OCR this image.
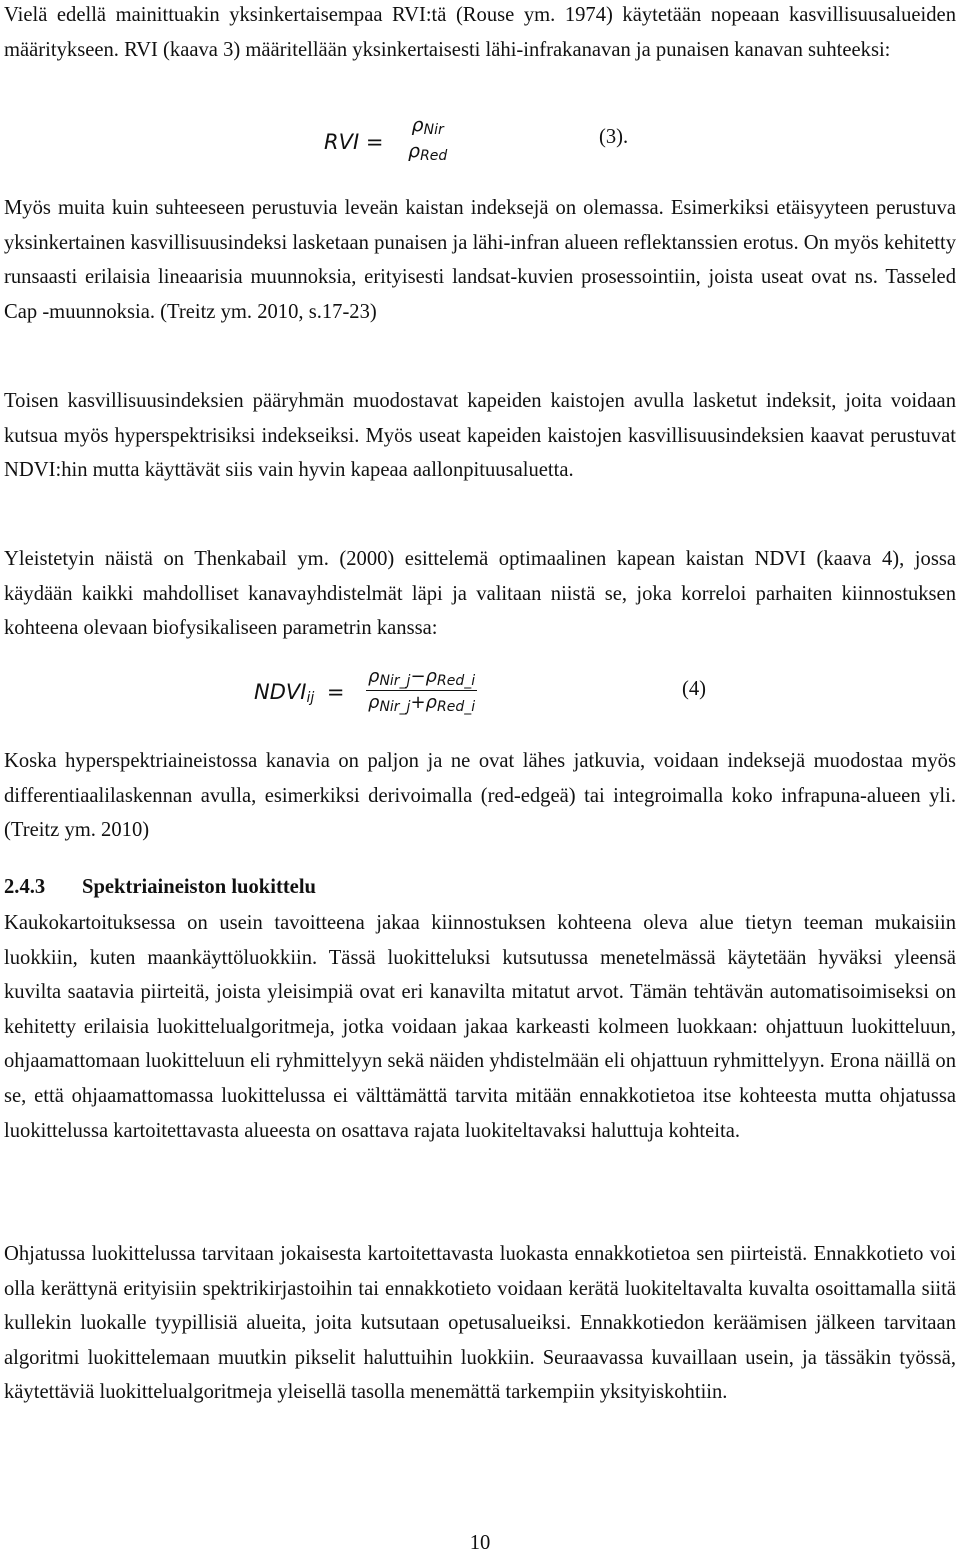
Vielä edellä mainittuakin yksinkertaisempaa RVI:tä (Rouse ym. 1974) käytetään nopeaan kasvillisuusalueiden määritykseen. RVI (kaava 3) määritellään yksinkertaisesti lähi-infrakanavan ja punaisen kanavan suhteeksi:

RVI =
$\rho_{Nir}$
$\rho_{Red}$
(3).

Myös muita kuin suhteeseen perustuvia leveän kaistan indeksejä on olemassa. Esimerkiksi etäisyyteen perustuva yksinkertainen kasvillisuusindeksi lasketaan punaisen ja lähi-infran alueen reflektanssien erotus. On myös kehitetty runsaasti erilaisia lineaarisia muunnoksia, erityisesti landsat-kuvien prosessointiin, joista useat ovat ns. Tasseled Cap -muunnoksia. (Treitz ym. 2010, s.17-23)

Toisen kasvillisuusindeksien pääryhmän muodostavat kapeiden kaistojen avulla lasketut indeksit, joita voidaan kutsua myös hyperspektrisiksi indekseiksi. Myös useat kapeiden kaistojen kasvillisuusindeksien kaavat perustuvat NDVI:hin mutta käyttävät siis vain hyvin kapeaa aallonpituusaluetta.

Yleistetyin näistä on Thenkabail ym. (2000) esittelemä optimaalinen kapean kaistan NDVI (kaava 4), jossa käydään kaikki mahdolliset kanavayhdistelmät läpi ja valitaan niistä se, joka korreloi parhaiten kiinnostuksen kohteena olevaan biofysikaliseen parametrin kanssa:

$NDVI_{ij}$ =
$\rho_{Nir\_j}-\rho_{Red\_i}$
$\rho_{Nir\_j}+\rho_{Red\_i}$
(4)

Koska hyperspektriaineistossa kanavia on paljon ja ne ovat lähes jatkuvia, voidaan indeksejä muodostaa myös differentiaalilaskennan avulla, esimerkiksi derivoimalla (red-edgeä) tai integroimalla koko infrapuna-alueen yli. (Treitz ym. 2010)

2.4.3 Spektriaineiston luokittelu

Kaukokartoituksessa on usein tavoitteena jakaa kiinnostuksen kohteena oleva alue tietyn teeman mukaisiin luokkiin, kuten maankäyttöluokkiin. Tässä luokitteluksi kutsutussa menetelmässä käytetään hyväksi yleensä kuvilta saatavia piirteitä, joista yleisimpiä ovat eri kanavilta mitatut arvot. Tämän tehtävän automatisoimiseksi on kehitetty erilaisia luokittelualgoritmeja, jotka voidaan jakaa karkeasti kolmeen luokkaan: ohjattuun luokitteluun, ohjaamattomaan luokitteluun eli ryhmittelyyn sekä näiden yhdistelmään eli ohjattuun ryhmittelyyn. Erona näillä on se, että ohjaamattomassa luokittelussa ei välttämättä tarvita mitään ennakkotietoa itse kohteesta mutta ohjatussa luokittelussa kartoitettavasta alueesta on osattava rajata luokiteltavaksi haluttuja kohteita.

Ohjatussa luokittelussa tarvitaan jokaisesta kartoitettavasta luokasta ennakkotietoa sen piirteistä. Ennakkotieto voi olla kerättynä erityisiin spektrikirjastoihin tai ennakkotieto voidaan kerätä luokiteltavalta kuvalta osoittamalla siitä kullekin luokalle tyypillisiä alueita, joita kutsutaan opetusalueiksi. Ennakkotiedon keräämisen jälkeen tarvitaan algoritmi luokittelemaan muutkin pikselit haluttuihin luokkiin. Seuraavassa kuvaillaan usein, ja tässäkin työssä, käytettäviä luokittelualgoritmeja yleisellä tasolla menemättä tarkempiin yksityiskohtiin.

10
